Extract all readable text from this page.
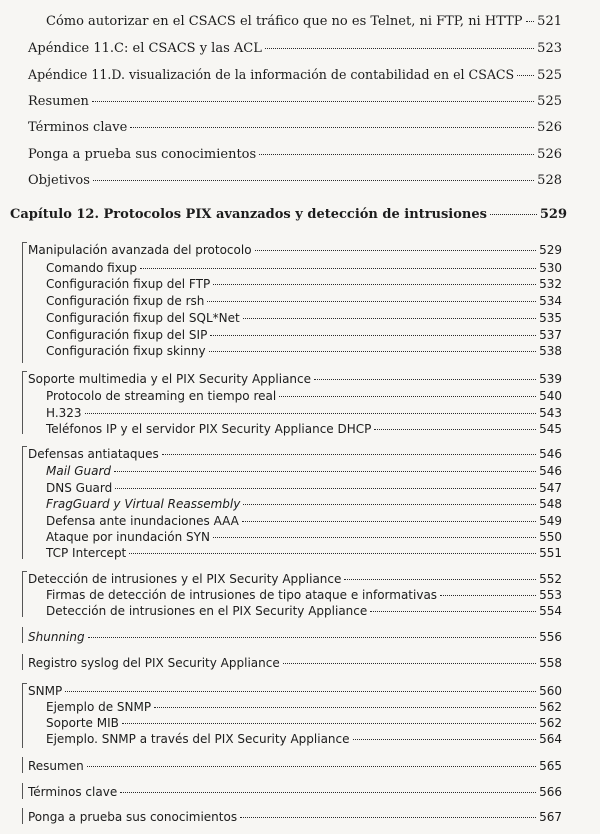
Cómo autorizar en el CSACS el tráfico que no es Telnet, ni FTP, ni HTTP 521
Apéndice 11.C: el CSACS y las ACL	523
Apéndice 11.D. visualización de la información de contabilidad en el CSACS 525
Resumen	525
Términos clave	526
Ponga a prueba sus conocimientos	526
Objetivos	528
Capítulo 12. Protocolos PIX avanzados y detección de intrusiones	529
Manipulación avanzada del protocolo	529
Comando fixup	530
Configuración fixup del FTP	532
Configuración fixup de rsh	534
Configuración fixup del SQL*Net	535
Configuración fixup del SIP	537
Configuración fixup skinny	538
Soporte multimedia y el PIX Security Appliance	539
Protocolo de streaming en tiempo real	540
H.323	543
Teléfonos IP y el servidor PIX Security Appliance DHCP	545
Defensas antiataques	546
Mail Guard	546
DNS Guard	547
FragGuard y Virtual Reassembly	548
Defensa ante inundaciones AAA	549
Ataque por inundación SYN	550
TCP Intercept	551
Detección de intrusiones y el PIX Security Appliance	552
Firmas de detección de intrusiones de tipo ataque e informativas	553
Detección de intrusiones en el PIX Security Appliance	554
Shunning	556
Registro syslog del PIX Security Appliance	558
SNMP	560
Ejemplo de SNMP	562
Soporte MIB	562
Ejemplo. SNMP a través del PIX Security Appliance	564
Resumen	565
Términos clave	566
Ponga a prueba sus conocimientos	567
